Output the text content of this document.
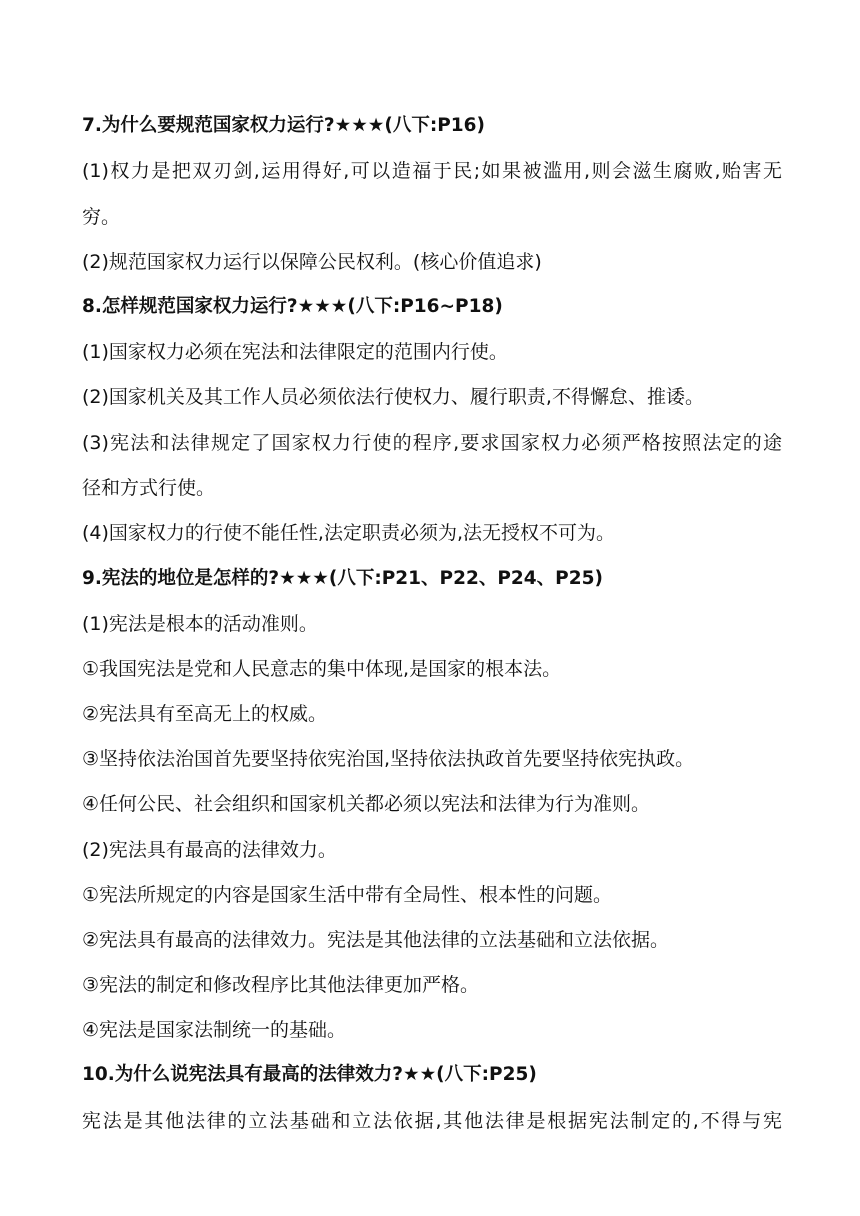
7.为什么要规范国家权力运行?★★★(八下:P16)
(1)权力是把双刃剑,运用得好,可以造福于民;如果被滥用,则会滋生腐败,贻害无
穷。
(2)规范国家权力运行以保障公民权利。(核心价值追求)
8.怎样规范国家权力运行?★★★(八下:P16~P18)
(1)国家权力必须在宪法和法律限定的范围内行使。
(2)国家机关及其工作人员必须依法行使权力、履行职责,不得懈怠、推诿。
(3)宪法和法律规定了国家权力行使的程序,要求国家权力必须严格按照法定的途
径和方式行使。
(4)国家权力的行使不能任性,法定职责必须为,法无授权不可为。
9.宪法的地位是怎样的?★★★(八下:P21、P22、P24、P25)
(1)宪法是根本的活动准则。
①我国宪法是党和人民意志的集中体现,是国家的根本法。
②宪法具有至高无上的权威。
③坚持依法治国首先要坚持依宪治国,坚持依法执政首先要坚持依宪执政。
④任何公民、社会组织和国家机关都必须以宪法和法律为行为准则。
(2)宪法具有最高的法律效力。
①宪法所规定的内容是国家生活中带有全局性、根本性的问题。
②宪法具有最高的法律效力。宪法是其他法律的立法基础和立法依据。
③宪法的制定和修改程序比其他法律更加严格。
④宪法是国家法制统一的基础。
10.为什么说宪法具有最高的法律效力?★★(八下:P25)
宪法是其他法律的立法基础和立法依据,其他法律是根据宪法制定的,不得与宪
